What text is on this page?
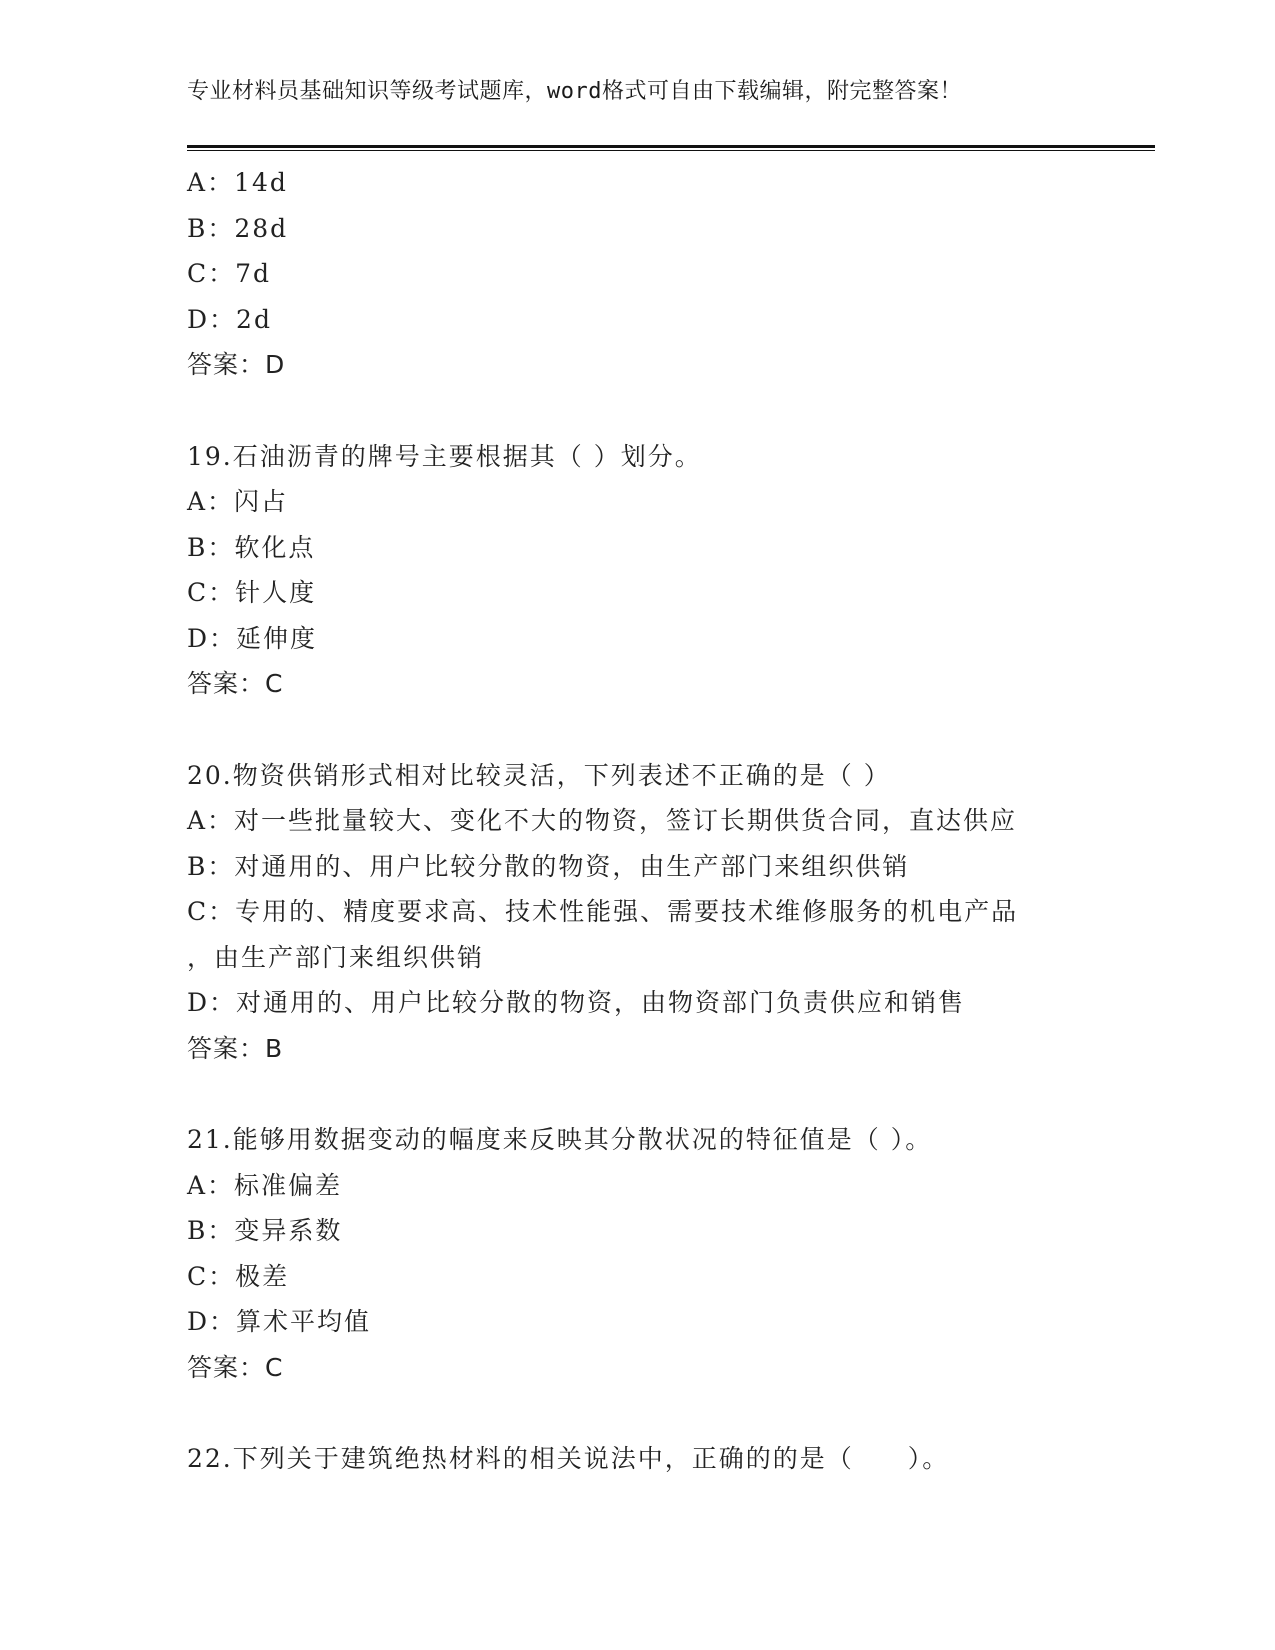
专业材料员基础知识等级考试题库，word格式可自由下载编辑，附完整答案！
A：14d
B：28d
C：7d
D：2d
答案：D
19.石油沥青的牌号主要根据其（ ）划分。
A：闪占
B：软化点
C：针人度
D：延伸度
答案：C
20.物资供销形式相对比较灵活，下列表述不正确的是（ ）
A：对一些批量较大、变化不大的物资，签订长期供货合同，直达供应
B：对通用的、用户比较分散的物资，由生产部门来组织供销
C：专用的、精度要求高、技术性能强、需要技术维修服务的机电产品
，由生产部门来组织供销
D：对通用的、用户比较分散的物资，由物资部门负责供应和销售
答案：B
21.能够用数据变动的幅度来反映其分散状况的特征值是（ ）。
A：标准偏差
B：变异系数
C：极差
D：算术平均值
答案：C
22.下列关于建筑绝热材料的相关说法中，正确的的是（　　）。
